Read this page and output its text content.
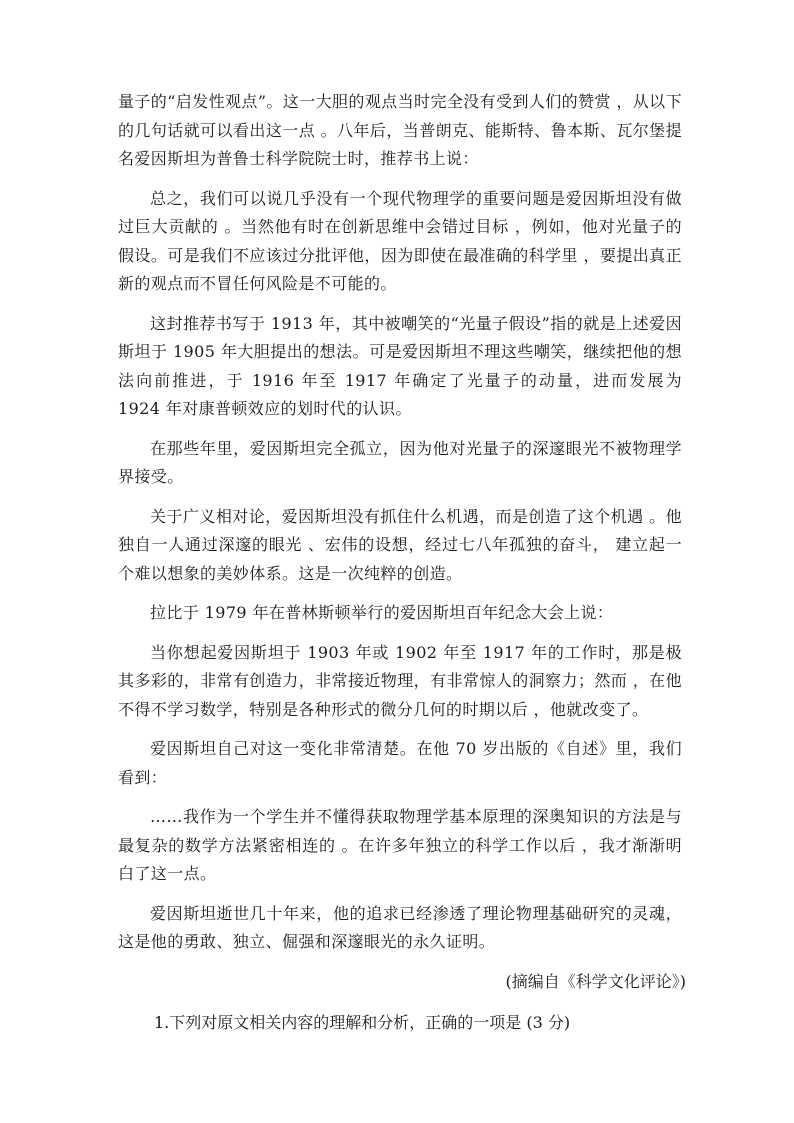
量子的“启发性观点”。这一大胆的观点当时完全没有受到人们的赞赏 ，从以下的几句话就可以看出这一点 。八年后，当普朗克、能斯特、鲁本斯、瓦尔堡提名爱因斯坦为普鲁士科学院院士时，推荐书上说：

总之，我们可以说几乎没有一个现代物理学的重要问题是爱因斯坦没有做过巨大贡献的 。当然他有时在创新思维中会错过目标 ，例如，他对光量子的假设。可是我们不应该过分批评他，因为即使在最准确的科学里 ，要提出真正新的观点而不冒任何风险是不可能的。

这封推荐书写于 1913 年，其中被嘲笑的“光量子假设”指的就是上述爱因斯坦于 1905 年大胆提出的想法。可是爱因斯坦不理这些嘲笑，继续把他的想法向前推进，于 1916 年至 1917 年确定了光量子的动量，进而发展为 1924 年对康普顿效应的划时代的认识。

在那些年里，爱因斯坦完全孤立，因为他对光量子的深邃眼光不被物理学界接受。

关于广义相对论，爱因斯坦没有抓住什么机遇，而是创造了这个机遇 。他独自一人通过深邃的眼光 、宏伟的设想，经过七八年孤独的奋斗， 建立起一个难以想象的美妙体系。这是一次纯粹的创造。

拉比于 1979 年在普林斯顿举行的爱因斯坦百年纪念大会上说：

当你想起爱因斯坦于 1903 年或 1902 年至 1917 年的工作时，那是极其多彩的，非常有创造力，非常接近物理，有非常惊人的洞察力；然而 ，在他不得不学习数学，特别是各种形式的微分几何的时期以后 ，他就改变了。

爱因斯坦自己对这一变化非常清楚。在他 70 岁出版的《自述》里，我们看到：

……我作为一个学生并不懂得获取物理学基本原理的深奥知识的方法是与最复杂的数学方法紧密相连的 。在许多年独立的科学工作以后 ，我才渐渐明白了这一点。

爱因斯坦逝世几十年来，他的追求已经渗透了理论物理基础研究的灵魂，这是他的勇敢、独立、倔强和深邃眼光的永久证明。

(摘编自《科学文化评论》)
1.下列对原文相关内容的理解和分析，正确的一项是 (3 分)
